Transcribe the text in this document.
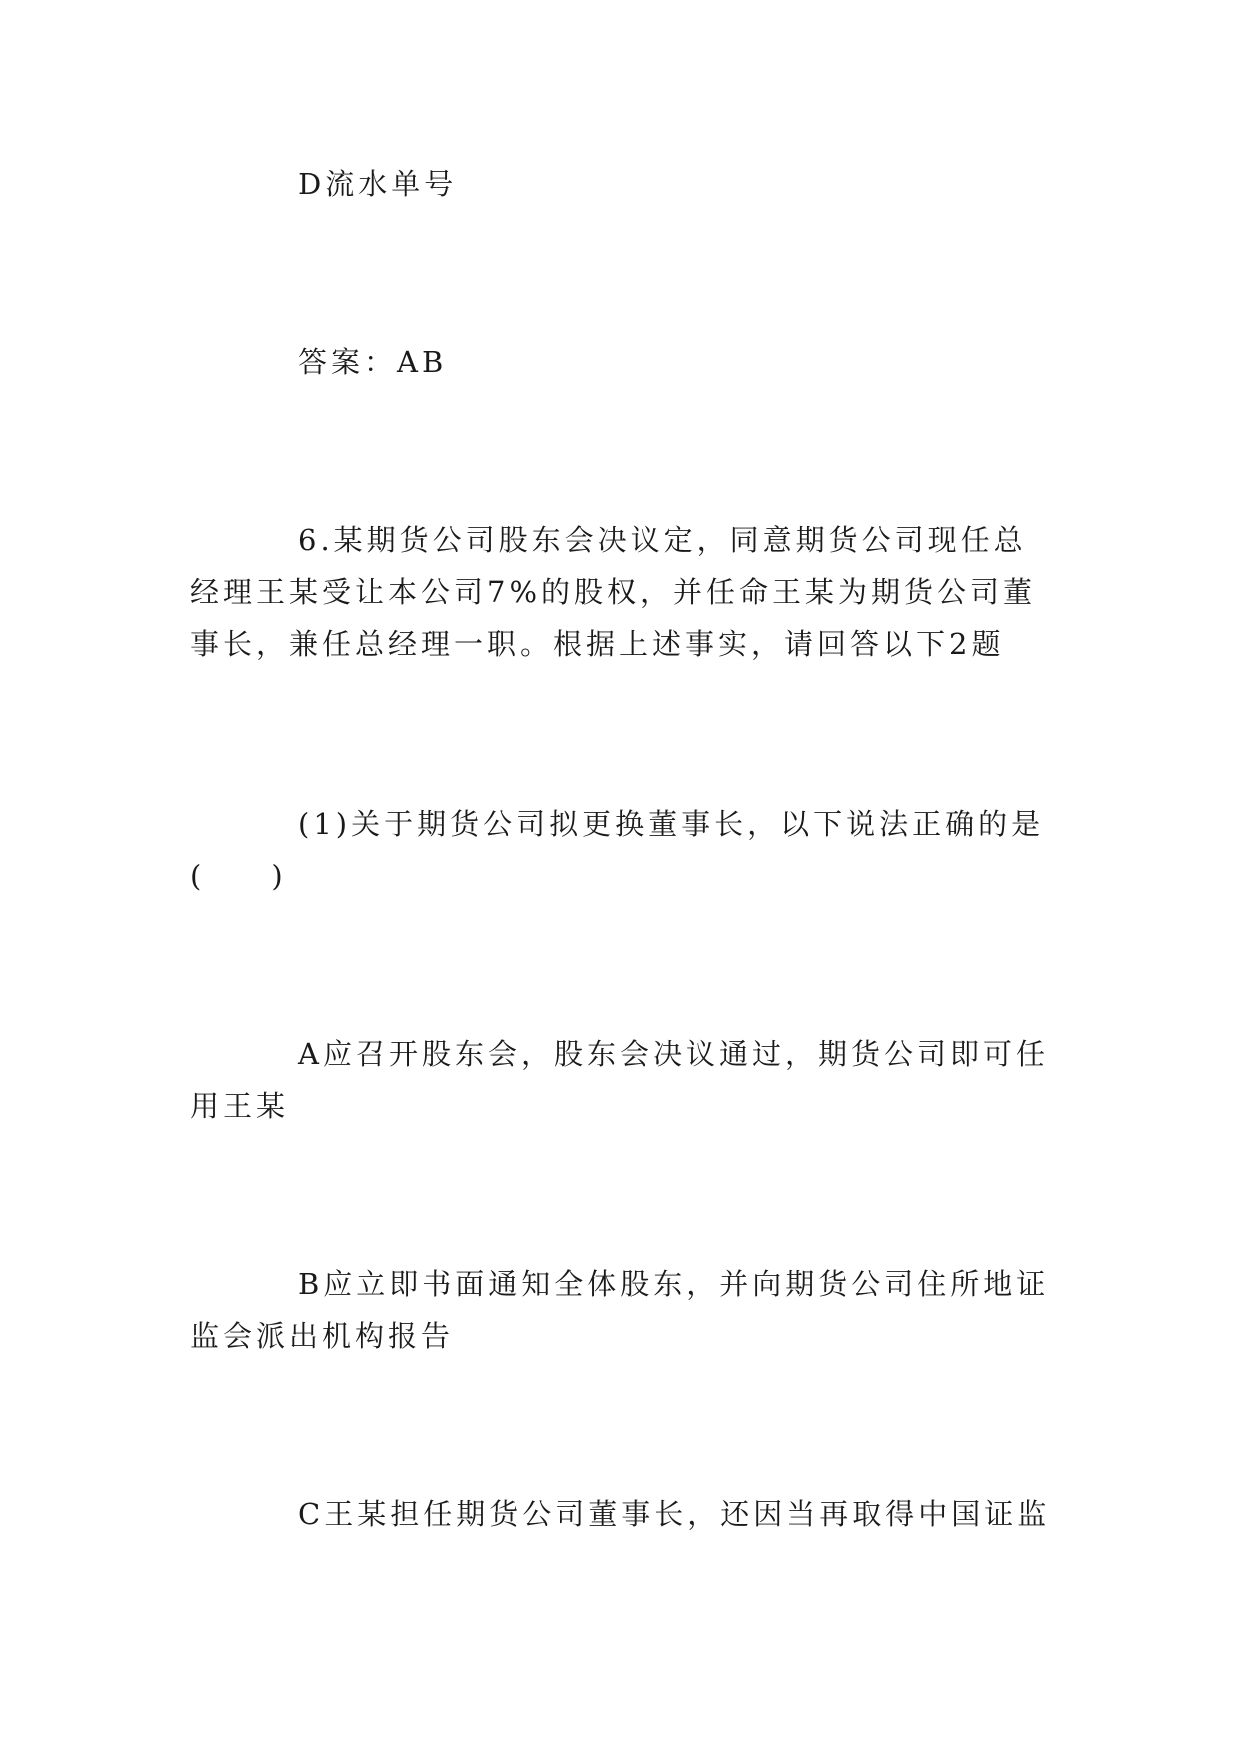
D流水单号

答案：AB

6.某期货公司股东会决议定，同意期货公司现任总经理王某受让本公司7%的股权，并任命王某为期货公司董事长，兼任总经理一职。根据上述事实，请回答以下2题

(1)关于期货公司拟更换董事长，以下说法正确的是(　　)

A应召开股东会，股东会决议通过，期货公司即可任用王某

B应立即书面通知全体股东，并向期货公司住所地证监会派出机构报告

C王某担任期货公司董事长，还因当再取得中国证监
